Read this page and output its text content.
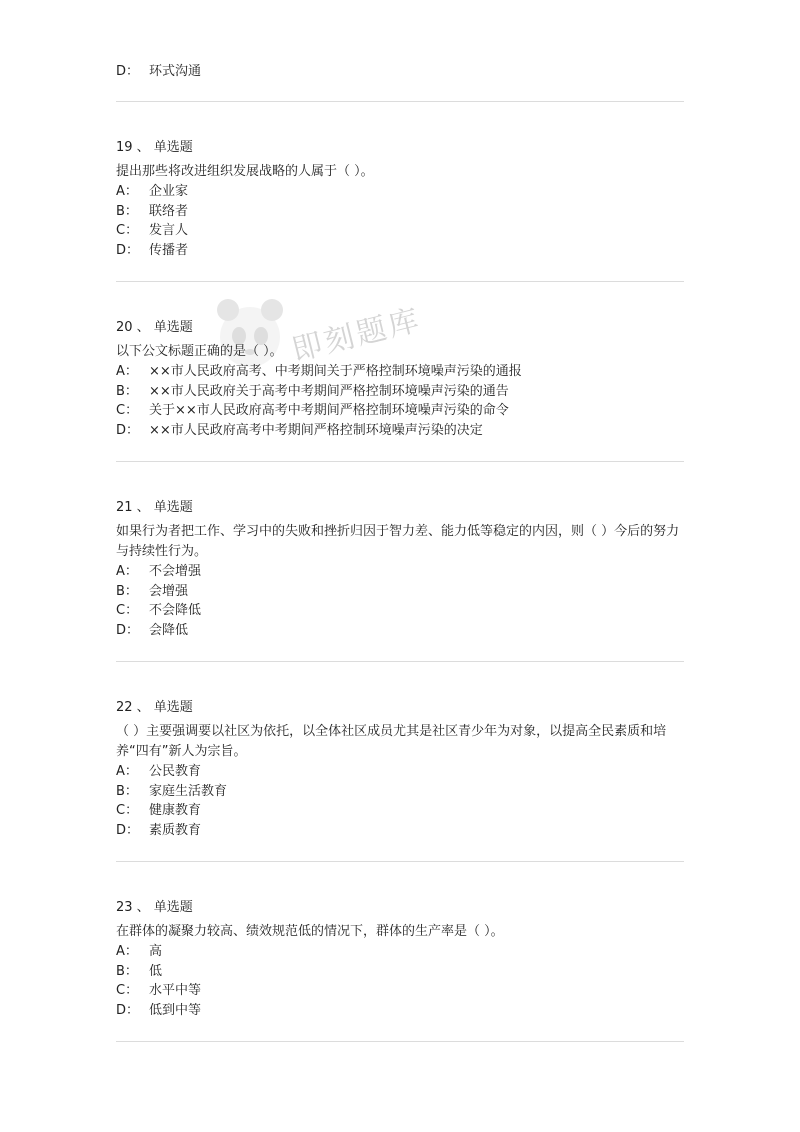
即刻题库
D： 环式沟通
19 、 单选题
提出那些将改进组织发展战略的人属于（ ）。
A： 企业家
B： 联络者
C： 发言人
D： 传播者
20 、 单选题
以下公文标题正确的是（ ）。
A： ××市人民政府高考、中考期间关于严格控制环境噪声污染的通报
B： ××市人民政府关于高考中考期间严格控制环境噪声污染的通告
C： 关于××市人民政府高考中考期间严格控制环境噪声污染的命令
D： ××市人民政府高考中考期间严格控制环境噪声污染的决定
21 、 单选题
如果行为者把工作、学习中的失败和挫折归因于智力差、能力低等稳定的内因，则（ ）今后的努力与持续性行为。
A： 不会增强
B： 会增强
C： 不会降低
D： 会降低
22 、 单选题
（ ）主要强调要以社区为依托，以全体社区成员尤其是社区青少年为对象，以提高全民素质和培养“四有”新人为宗旨。
A： 公民教育
B： 家庭生活教育
C： 健康教育
D： 素质教育
23 、 单选题
在群体的凝聚力较高、绩效规范低的情况下，群体的生产率是（ ）。
A： 高
B： 低
C： 水平中等
D： 低到中等
